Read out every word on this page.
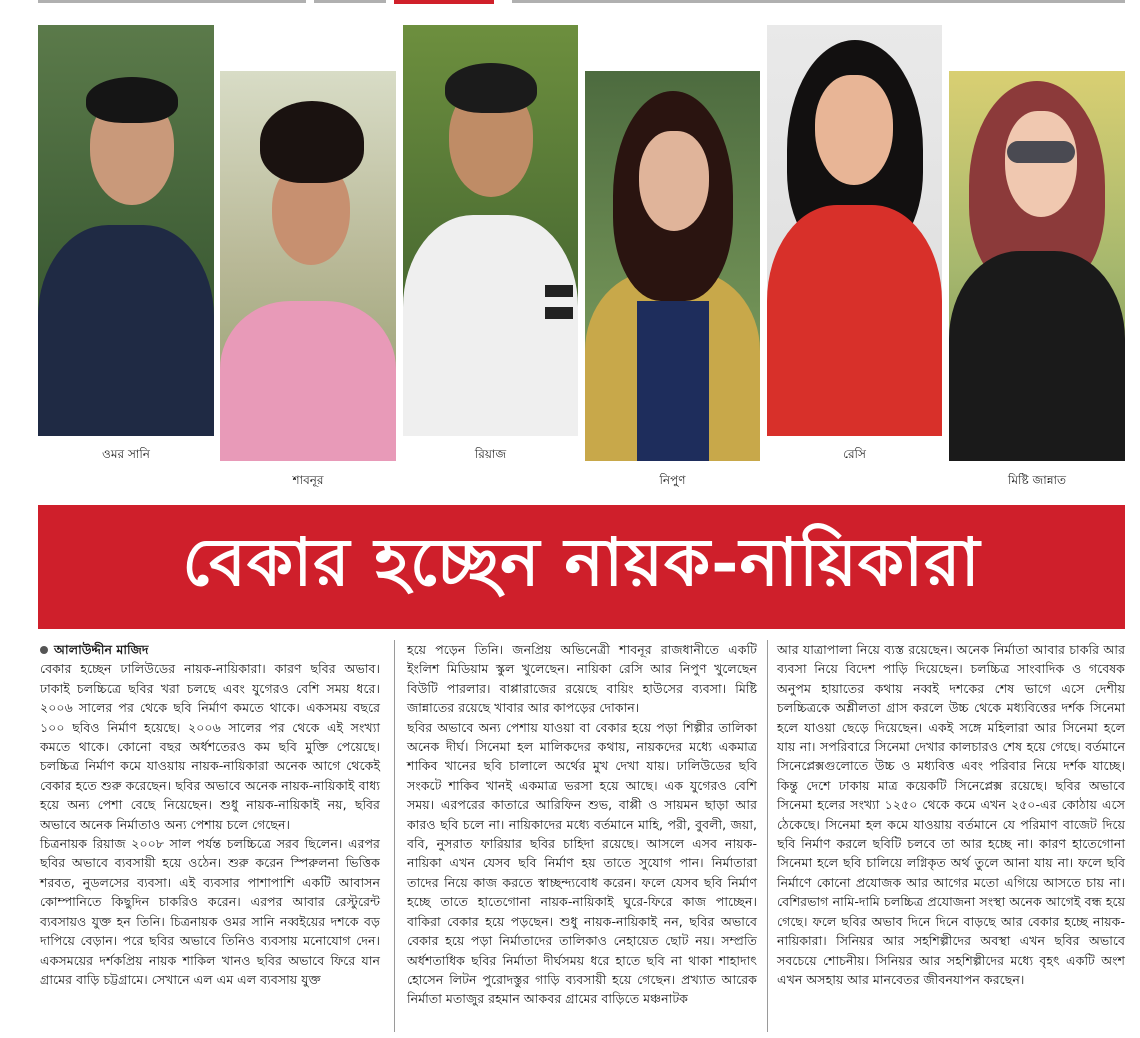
ওমর সানি
শাবনূর
রিয়াজ
নিপুণ
রেসি
মিষ্টি জান্নাত
বেকার হচ্ছেন নায়ক-নায়িকারা
আলাউদ্দীন মাজিদ

বেকার হচ্ছেন ঢালিউডের নায়ক-নায়িকারা। কারণ ছবির অভাব। ঢাকাই চলচ্চিত্রে ছবির খরা চলছে এবং যুগেরও বেশি সময় ধরে। ২০০৬ সালের পর থেকে ছবি নির্মাণ কমতে থাকে। একসময় বছরে ১০০ ছবিও নির্মাণ হয়েছে। ২০০৬ সালের পর থেকে এই সংখ্যা কমতে থাকে। কোনো বছর অর্ধশতেরও কম ছবি মুক্তি পেয়েছে। চলচ্চিত্র নির্মাণ কমে যাওয়ায় নায়ক-নায়িকারা অনেক আগে থেকেই বেকার হতে শুরু করেছেন। ছবির অভাবে অনেক নায়ক-নায়িকাই বাধ্য হয়ে অন্য পেশা বেছে নিয়েছেন। শুধু নায়ক-নায়িকাই নয়, ছবির অভাবে অনেক নির্মাতাও অন্য পেশায় চলে গেছেন।

চিত্রনায়ক রিয়াজ ২০০৮ সাল পর্যন্ত চলচ্চিত্রে সরব ছিলেন। এরপর ছবির অভাবে ব্যবসায়ী হয়ে ওঠেন। শুরু করেন স্পিরুলনা ভিত্তিক শরবত, নুডলসের ব্যবসা। এই ব্যবসার পাশাপাশি একটি আবাসন কোম্পানিতে কিছুদিন চাকরিও করেন। এরপর আবার রেস্টুরেন্ট ব্যবসায়ও যুক্ত হন তিনি। চিত্রনায়ক ওমর সানি নব্বইয়ের দশকে বড় দাপিয়ে বেড়ান। পরে ছবির অভাবে তিনিও ব্যবসায় মনোযোগ দেন। একসময়ের দর্শকপ্রিয় নায়ক শাকিল খানও ছবির অভাবে ফিরে যান গ্রামের বাড়ি চট্টগ্রামে। সেখানে এল এম এল ব্যবসায় যুক্ত

হয়ে পড়েন তিনি। জনপ্রিয় অভিনেত্রী শাবনূর রাজধানীতে একটি ইংলিশ মিডিয়াম স্কুল খুলেছেন। নায়িকা রেসি আর নিপুণ খুলেছেন বিউটি পারলার। বাপ্পারাজের রয়েছে বায়িং হাউসের ব্যবসা। মিষ্টি জান্নাতের রয়েছে খাবার আর কাপড়ের দোকান।

ছবির অভাবে অন্য পেশায় যাওয়া বা বেকার হয়ে পড়া শিল্পীর তালিকা অনেক দীর্ঘ। সিনেমা হল মালিকদের কথায়, নায়কদের মধ্যে একমাত্র শাকিব খানের ছবি চালালে অর্থের মুখ দেখা যায়। ঢালিউডের ছবি সংকটে শাকিব খানই একমাত্র ভরসা হয়ে আছে। এক যুগেরও বেশি সময়। এরপরের কাতারে আরিফিন শুভ, বাপ্পী ও সায়মন ছাড়া আর কারও ছবি চলে না। নায়িকাদের মধ্যে বর্তমানে মাহি, পরী, বুবলী, জয়া, ববি, নুসরাত ফারিয়ার ছবির চাহিদা রয়েছে। আসলে এসব নায়ক-নায়িকা এখন যেসব ছবি নির্মাণ হয় তাতে সুযোগ পান। নির্মাতারা তাদের নিয়ে কাজ করতে স্বাচ্ছন্দ্যবোধ করেন। ফলে যেসব ছবি নির্মাণ হচ্ছে তাতে হাতেগোনা নায়ক-নায়িকাই ঘুরে-ফিরে কাজ পাচ্ছেন। বাকিরা বেকার হয়ে পড়ছেন। শুধু নায়ক-নায়িকাই নন, ছবির অভাবে বেকার হয়ে পড়া নির্মাতাদের তালিকাও নেহায়েত ছোট নয়। সম্প্রতি অর্ধশতাধিক ছবির নির্মাতা দীর্ঘসময় ধরে হাতে ছবি না থাকা শাহাদাৎ হোসেন লিটন পুরোদস্তুর গাড়ি ব্যবসায়ী হয়ে গেছেন। প্রখ্যাত আরেক নির্মাতা মতাজুর রহমান আকবর গ্রামের বাড়িতে মঞ্চনাটক

আর যাত্রাপালা নিয়ে ব্যস্ত রয়েছেন। অনেক নির্মাতা আবার চাকরি আর ব্যবসা নিয়ে বিদেশ পাড়ি দিয়েছেন। চলচ্চিত্র সাংবাদিক ও গবেষক অনুপম হায়াতের কথায় নব্বই দশকের শেষ ভাগে এসে দেশীয় চলচ্চিত্রকে অশ্লীলতা গ্রাস করলে উচ্চ থেকে মধ্যবিত্তের দর্শক সিনেমা হলে যাওয়া ছেড়ে দিয়েছেন। একই সঙ্গে মহিলারা আর সিনেমা হলে যায় না। সপরিবারে সিনেমা দেখার কালচারও শেষ হয়ে গেছে। বর্তমানে সিনেপ্লেক্সগুলোতে উচ্চ ও মধ্যবিত্ত এবং পরিবার নিয়ে দর্শক যাচ্ছে। কিন্তু দেশে ঢাকায় মাত্র কয়েকটি সিনেপ্লেক্স রয়েছে। ছবির অভাবে সিনেমা হলের সংখ্যা ১২৫০ থেকে কমে এখন ২৫০-এর কোঠায় এসে ঠেকেছে। সিনেমা হল কমে যাওয়ায় বর্তমানে যে পরিমাণ বাজেট দিয়ে ছবি নির্মাণ করলে ছবিটি চলবে তা আর হচ্ছে না। কারণ হাতেগোনা সিনেমা হলে ছবি চালিয়ে লগ্নিকৃত অর্থ তুলে আনা যায় না। ফলে ছবি নির্মাণে কোনো প্রযোজক আর আগের মতো এগিয়ে আসতে চায় না। বেশিরভাগ নামি-দামি চলচ্চিত্র প্রযোজনা সংস্থা অনেক আগেই বন্ধ হয়ে গেছে। ফলে ছবির অভাব দিনে দিনে বাড়ছে আর বেকার হচ্ছে নায়ক-নায়িকারা। সিনিয়র আর সহশিল্পীদের অবস্থা এখন ছবির অভাবে সবচেয়ে শোচনীয়। সিনিয়র আর সহশিল্পীদের মধ্যে বৃহৎ একটি অংশ এখন অসহায় আর মানবেতর জীবনযাপন করছেন।
